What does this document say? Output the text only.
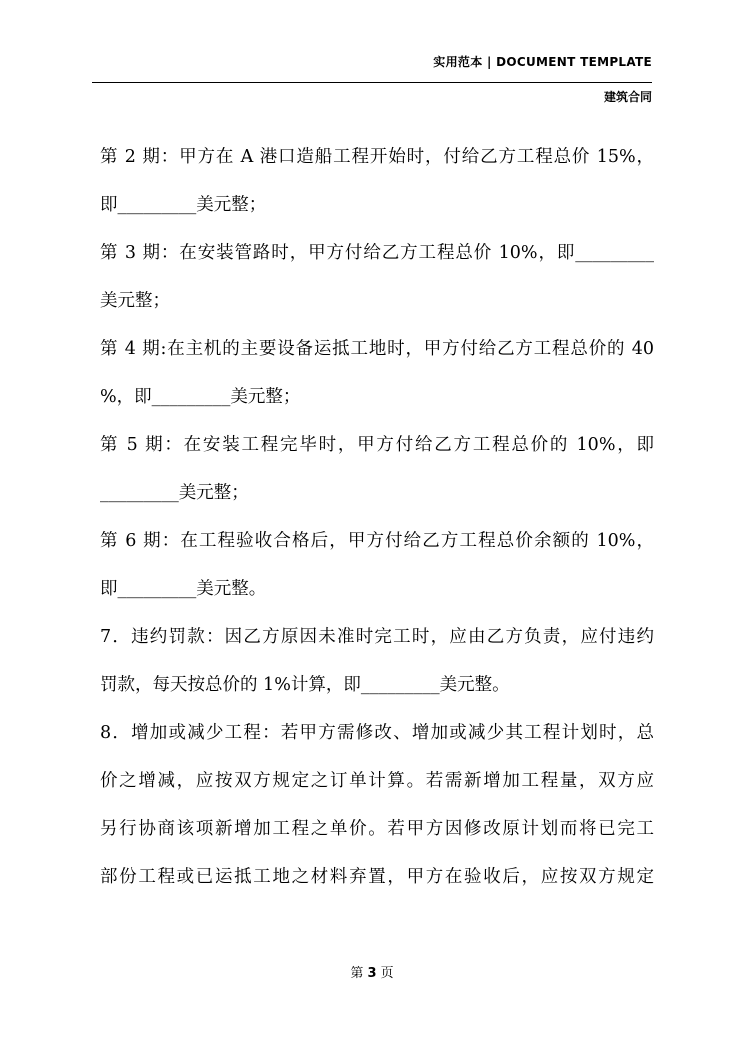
实用范本 | DOCUMENT TEMPLATE
建筑合同
第 2 期：甲方在 A 港口造船工程开始时，付给乙方工程总价 15%，
即_________美元整；
第 3 期：在安装管路时，甲方付给乙方工程总价 10%，即_________
美元整；
第 4 期:在主机的主要设备运抵工地时，甲方付给乙方工程总价的 40
%，即_________美元整；
第 5 期：在安装工程完毕时，甲方付给乙方工程总价的 10%，即
_________美元整；
第 6 期：在工程验收合格后，甲方付给乙方工程总价余额的 10%，
即_________美元整。
7．违约罚款：因乙方原因未准时完工时，应由乙方负责，应付违约
罚款，每天按总价的 1%计算，即_________美元整。
8．增加或减少工程：若甲方需修改、增加或减少其工程计划时，总
价之增减，应按双方规定之订单计算。若需新增加工程量，双方应
另行协商该项新增加工程之单价。若甲方因修改原计划而将已完工
部份工程或已运抵工地之材料弃置，甲方在验收后，应按双方规定
第 3 页
